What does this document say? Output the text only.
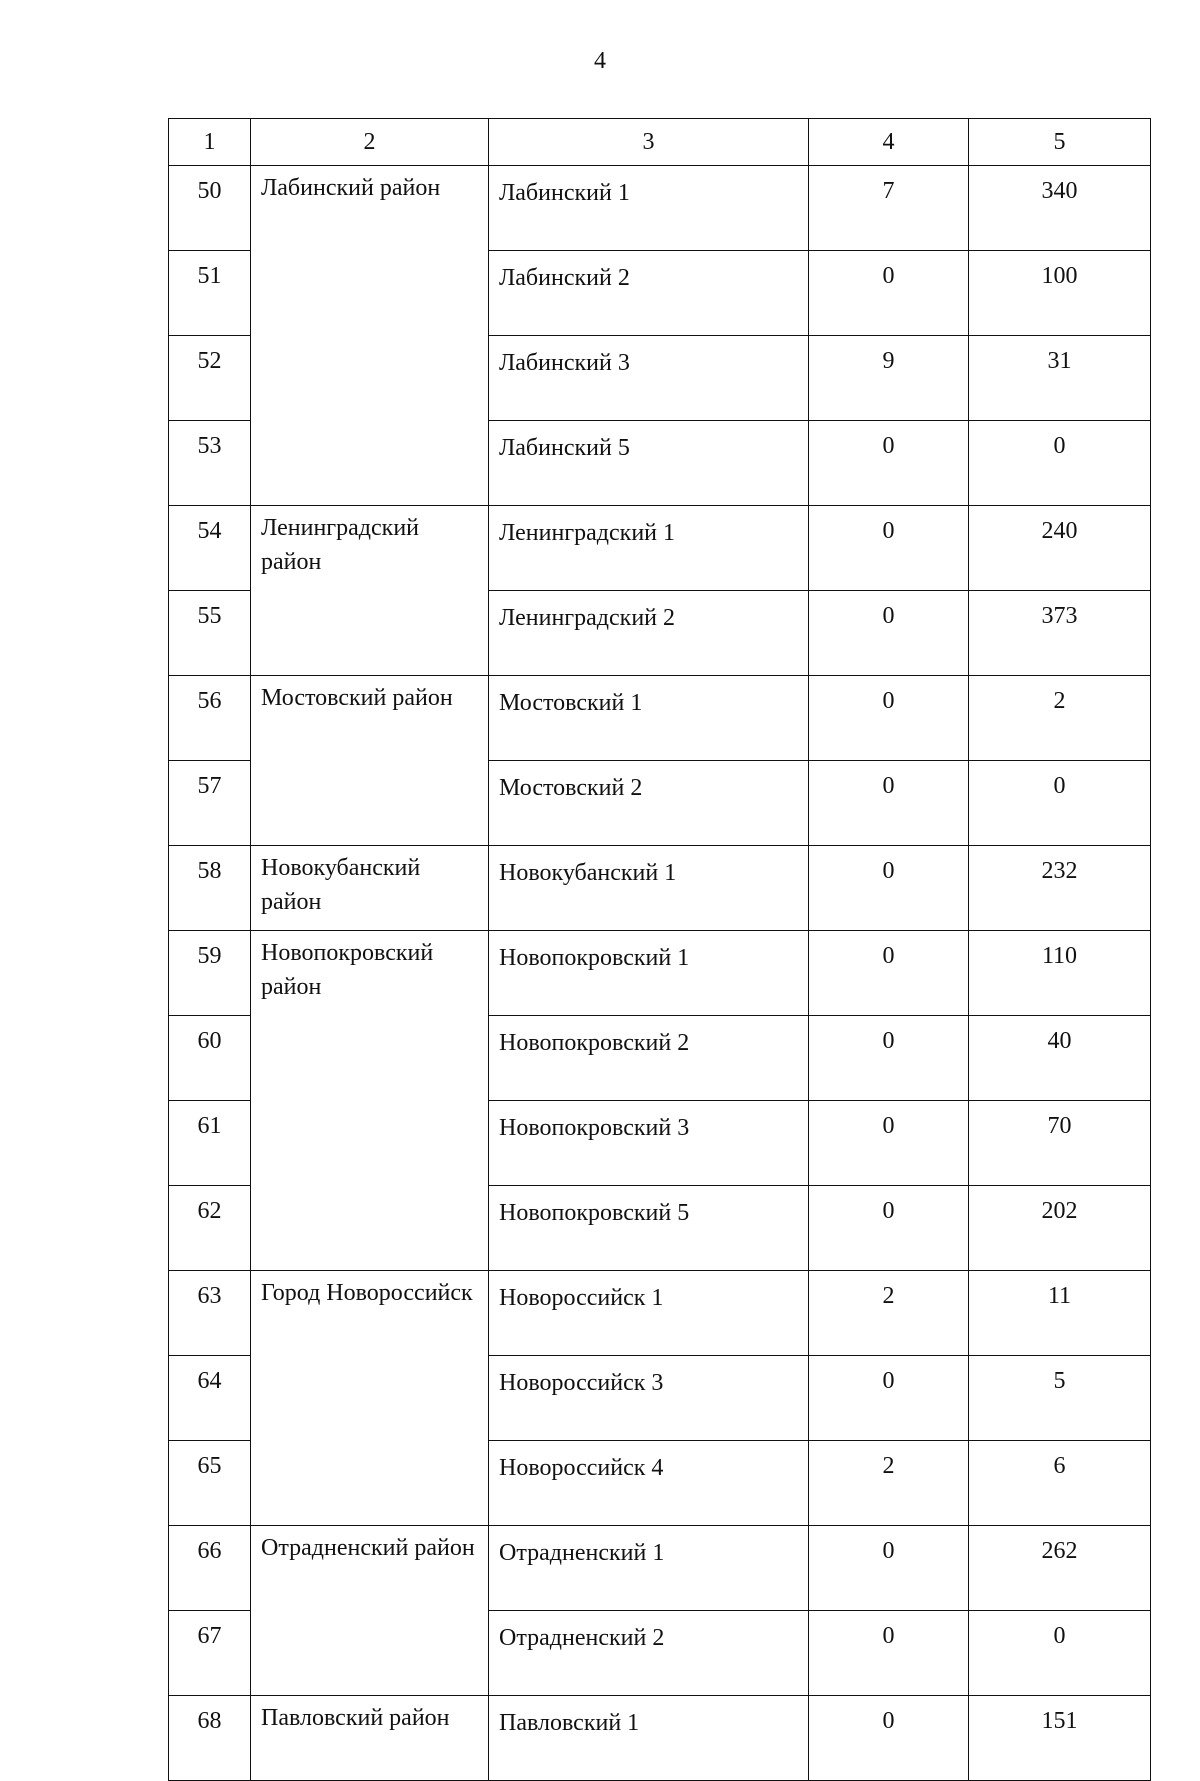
4
1	2	3	4	5
50	Лабинский район	Лабинский 1	7	340
51		Лабинский 2	0	100
52		Лабинский 3	9	31
53		Лабинский 5	0	0
54	Ленинградский район	Ленинградский 1	0	240
55		Ленинградский 2	0	373
56	Мостовский район	Мостовский 1	0	2
57		Мостовский 2	0	0
58	Новокубанский район	Новокубанский 1	0	232
59	Новопокровский район	Новопокровский 1	0	110
60		Новопокровский 2	0	40
61		Новопокровский 3	0	70
62		Новопокровский 5	0	202
63	Город Новороссийск	Новороссийск 1	2	11
64		Новороссийск 3	0	5
65		Новороссийск 4	2	6
66	Отрадненский район	Отрадненский 1	0	262
67		Отрадненский 2	0	0
68	Павловский район	Павловский 1	0	151
